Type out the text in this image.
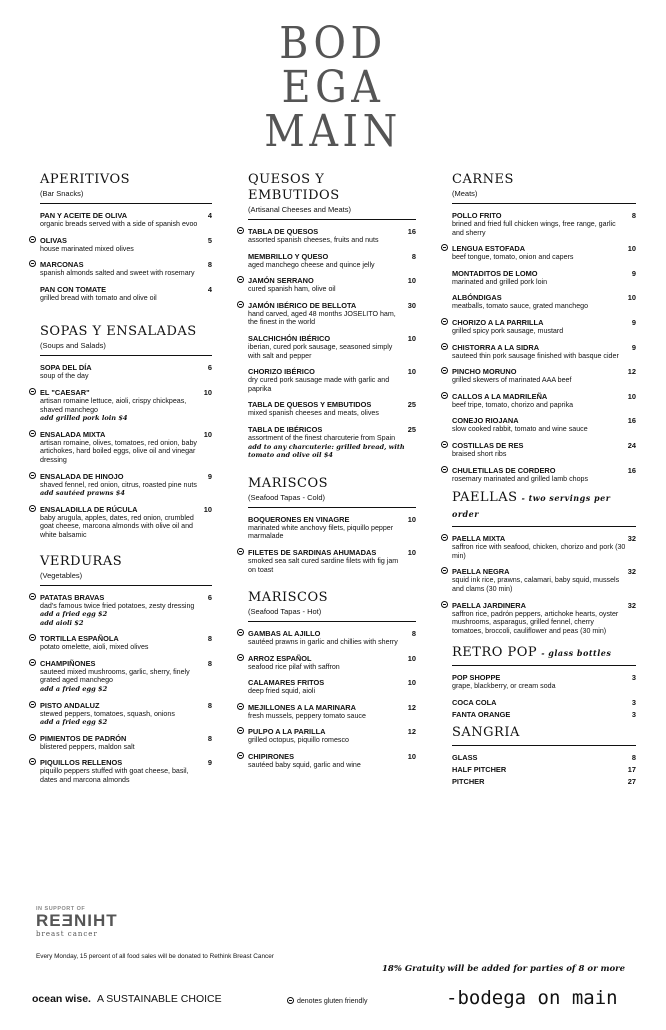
BOD
EGA
MAIN
APERITIVOS
(Bar Snacks)
PAN Y ACEITE DE OLIVA	4
organic breads served with a side of spanish evoo
OLIVAS	5
house marinated mixed olives
MARCONAS	8
spanish almonds salted and sweet with rosemary
PAN CON TOMATE	4
grilled bread with tomato and olive oil
SOPAS Y ENSALADAS
(Soups and Salads)
SOPA DEL DÍA	6
soup of the day
EL "CAESAR"	10
artisan romaine lettuce, aioli, crispy chickpeas, shaved manchego
add grilled pork loin $4
ENSALADA MIXTA	10
artisan romaine, olives, tomatoes, red onion, baby artichokes, hard boiled eggs, olive oil and vinegar dressing
ENSALADA DE HINOJO	9
shaved fennel, red onion, citrus, roasted pine nuts
add sautéed prawns $4
ENSALADILLA DE RÚCULA	10
baby arugula, apples, dates, red onion, crumbled goat cheese, marcona almonds with olive oil and white balsamic
VERDURAS
(Vegetables)
PATATAS BRAVAS	6
dad's famous twice fried potatoes, zesty dressing
add a fried egg $2
add aioli $2
TORTILLA ESPAÑOLA	8
potato omelette, aioli, mixed olives
CHAMPIÑONES	8
sauteed mixed mushrooms, garlic, sherry, finely grated aged manchego
add a fried egg $2
PISTO ANDALUZ	8
stewed peppers, tomatoes, squash, onions
add a fried egg $2
PIMIENTOS DE PADRÓN	8
blistered peppers, maldon salt
PIQUILLOS RELLENOS	9
piquillo peppers stuffed with goat cheese, basil, dates and marcona almonds
QUESOS Y EMBUTIDOS
(Artisanal Cheeses and Meats)
TABLA DE QUESOS	16
assorted spanish cheeses, fruits and nuts
MEMBRILLO Y QUESO	8
aged manchego cheese and quince jelly
JAMÓN SERRANO	10
cured spanish ham, olive oil
JAMÓN IBÉRICO DE BELLOTA	30
hand carved, aged 48 months JOSELITO ham, the finest in the world
SALCHICHÓN IBÉRICO	10
iberian, cured pork sausage, seasoned simply with salt and pepper
CHORIZO IBÉRICO	10
dry cured pork sausage made with garlic and paprika
TABLA DE QUESOS Y EMBUTIDOS	25
mixed spanish cheeses and meats, olives
TABLA DE IBÉRICOS	25
assortment of the finest charcuterie from Spain
add to any charcuterie: grilled bread, with tomato and olive oil $4
MARISCOS
(Seafood Tapas - Cold)
BOQUERONES EN VINAGRE	10
marinated white anchovy filets, piquillo pepper marmalade
FILETES DE SARDINAS AHUMADAS	10
smoked sea salt cured sardine filets with fig jam on toast
MARISCOS
(Seafood Tapas - Hot)
GAMBAS AL AJILLO	8
sautéed prawns in garlic and chillies with sherry
ARROZ ESPAÑOL	10
seafood rice pilaf with saffron
CALAMARES FRITOS	10
deep fried squid, aioli
MEJILLONES A LA MARINARA	12
fresh mussels, peppery tomato sauce
PULPO A LA PARILLA	12
grilled octopus, piquillo romesco
CHIPIRONES	10
sautéed baby squid, garlic and wine
CARNES
(Meats)
POLLO FRITO	8
brined and fried full chicken wings, free range, garlic and sherry
LENGUA ESTOFADA	10
beef tongue, tomato, onion and capers
MONTADITOS DE LOMO	9
marinated and grilled pork loin
ALBÓNDIGAS	10
meatballs, tomato sauce, grated manchego
CHORIZO A LA PARRILLA	9
grilled spicy pork sausage, mustard
CHISTORRA A LA SIDRA	9
sauteed thin pork sausage finished with basque cider
PINCHO MORUNO	12
grilled skewers of marinated AAA beef
CALLOS A LA MADRILEÑA	10
beef tripe, tomato, chorizo and paprika
CONEJO RIOJANA	16
slow cooked rabbit, tomato and wine sauce
COSTILLAS DE RES	24
braised short ribs
CHULETILLAS DE CORDERO	16
rosemary marinated and grilled lamb chops
PAELLAS - two servings per order
PAELLA MIXTA	32
saffron rice with seafood, chicken, chorizo and pork (30 min)
PAELLA NEGRA	32
squid ink rice, prawns, calamari, baby squid, mussels and clams (30 min)
PAELLA JARDINERA	32
saffron rice, padrón peppers, artichoke hearts, oyster mushrooms, asparagus, grilled fennel, cherry tomatoes, broccoli, cauliflower and peas (30 min)
RETRO POP - glass bottles
POP SHOPPE	3
grape, blackberry, or cream soda
COCA COLA	3
FANTA ORANGE	3
SANGRIA
GLASS	8
HALF PITCHER	17
PITCHER	27
IN SUPPORT OF
REƎNIHT
breast cancer
Every Monday, 15 percent of all food sales will be donated to Rethink Breast Cancer
18% Gratuity will be added for parties of 8 or more
ocean wise. A SUSTAINABLE CHOICE	denotes gluten friendly	-bodega on main
